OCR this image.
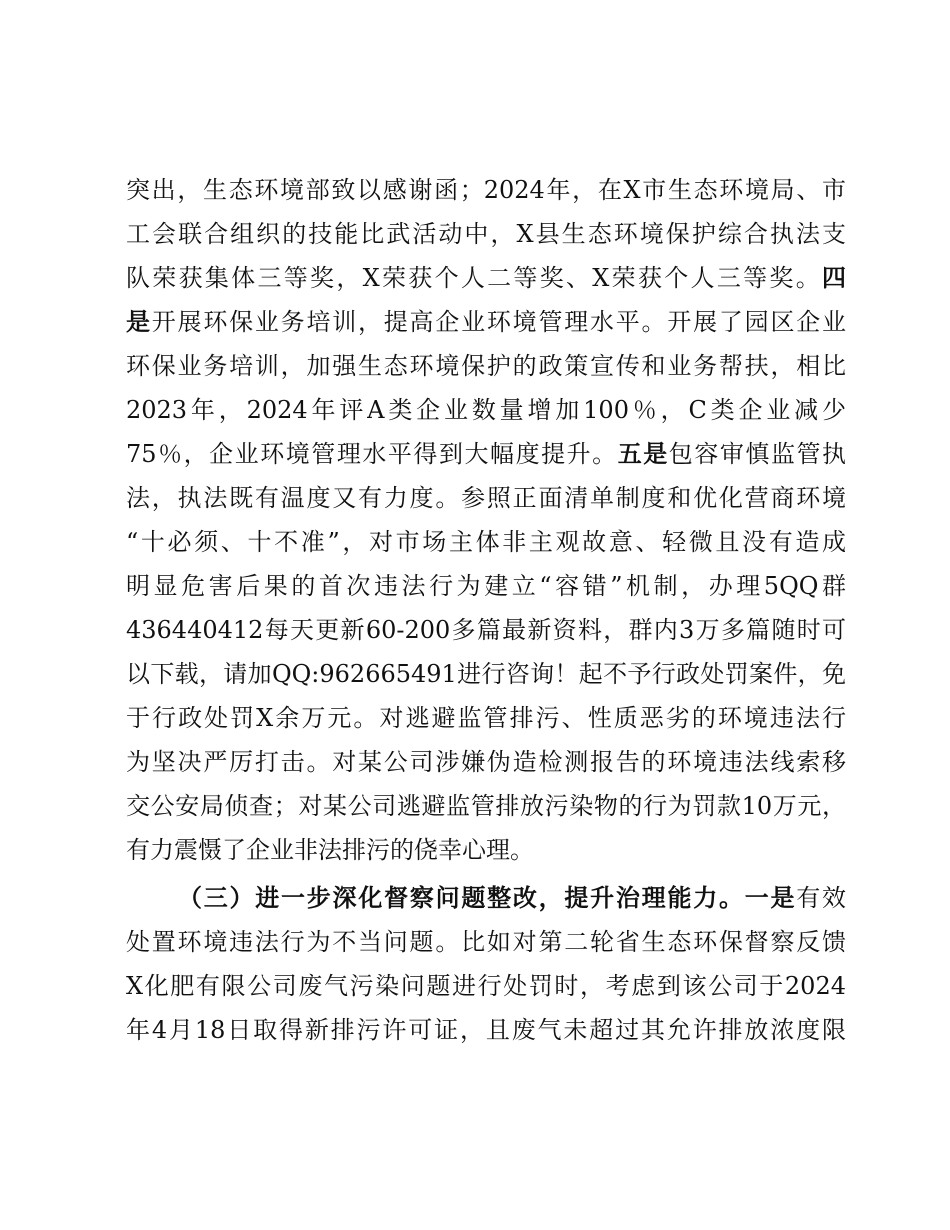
突出，生态环境部致以感谢函；2024年，在X市生态环境局、市
工会联合组织的技能比武活动中，X县生态环境保护综合执法支
队荣获集体三等奖，X荣获个人二等奖、X荣获个人三等奖。四
是开展环保业务培训，提高企业环境管理水平。开展了园区企业
环保业务培训，加强生态环境保护的政策宣传和业务帮扶，相比
2023年，2024年评A类企业数量增加100％，C类企业减少
75％，企业环境管理水平得到大幅度提升。五是包容审慎监管执
法，执法既有温度又有力度。参照正面清单制度和优化营商环境
“十必须、十不准”，对市场主体非主观故意、轻微且没有造成
明显危害后果的首次违法行为建立“容错”机制，办理5QQ群
436440412每天更新60-200多篇最新资料，群内3万多篇随时可
以下载，请加QQ:962665491进行咨询！起不予行政处罚案件，免
于行政处罚X余万元。对逃避监管排污、性质恶劣的环境违法行
为坚决严厉打击。对某公司涉嫌伪造检测报告的环境违法线索移
交公安局侦查；对某公司逃避监管排放污染物的行为罚款10万元，
有力震慑了企业非法排污的侥幸心理。
（三）进一步深化督察问题整改，提升治理能力。一是有效
处置环境违法行为不当问题。比如对第二轮省生态环保督察反馈
X化肥有限公司废气污染问题进行处罚时，考虑到该公司于2024
年4月18日取得新排污许可证，且废气未超过其允许排放浓度限
